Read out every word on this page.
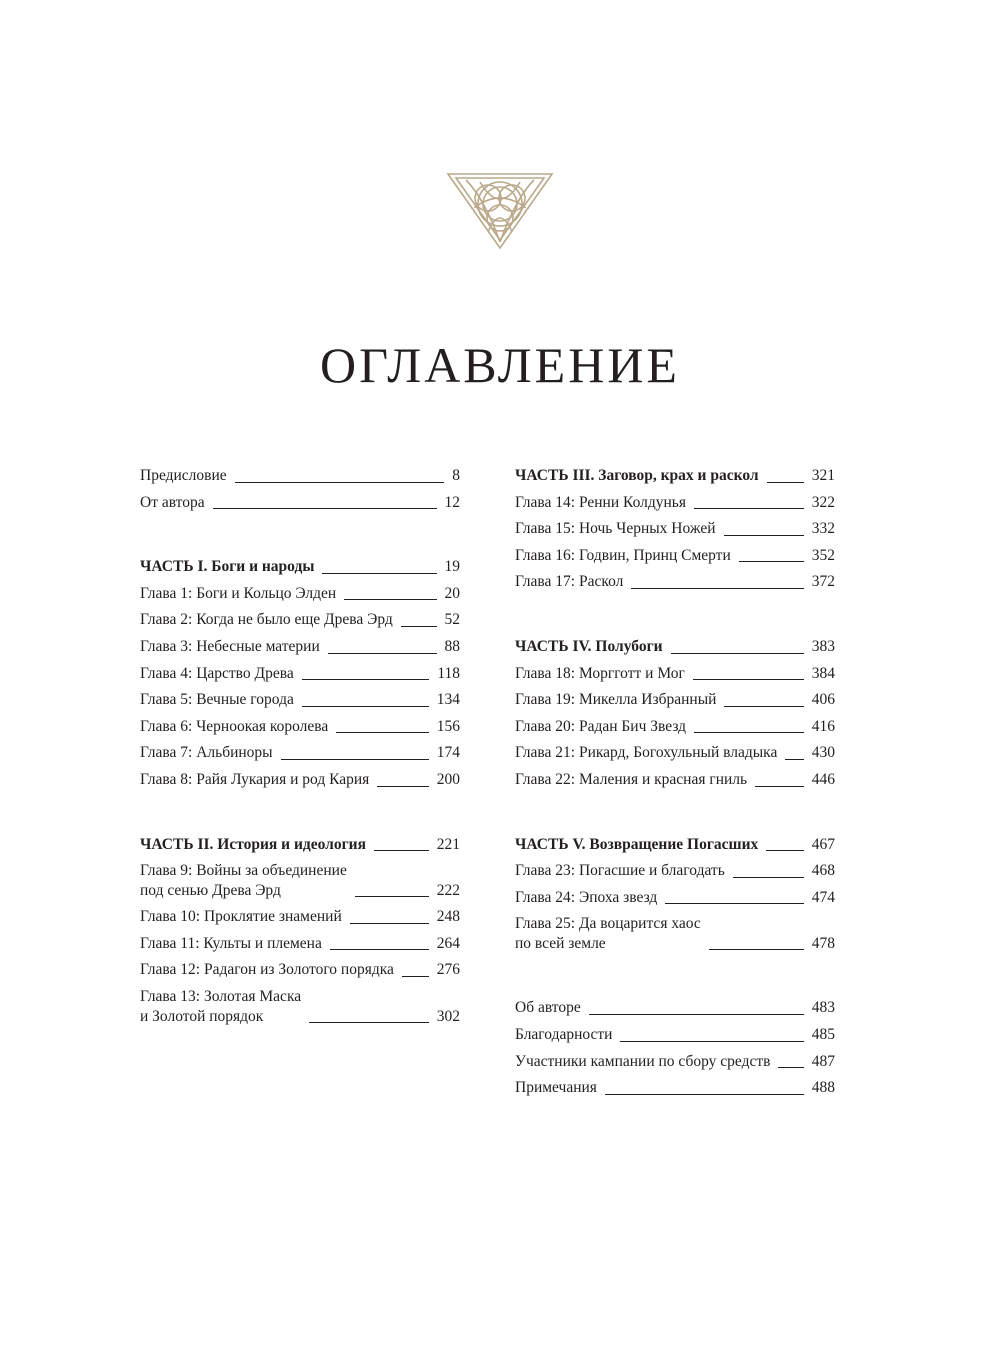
ОГЛАВЛЕНИЕ
Предисловие	8
От автора	12
ЧАСТЬ I. Боги и народы	19
Глава 1: Боги и Кольцо Элден	20
Глава 2: Когда не было еще Древа Эрд	52
Глава 3: Небесные материи	88
Глава 4: Царство Древа	118
Глава 5: Вечные города	134
Глава 6: Черноокая королева	156
Глава 7: Альбиноры	174
Глава 8: Райя Лукария и род Кария	200
ЧАСТЬ II. История и идеология	221
Глава 9: Войны за объединение
под сенью Древа Эрд	222
Глава 10: Проклятие знамений	248
Глава 11: Культы и племена	264
Глава 12: Радагон из Золотого порядка	276
Глава 13: Золотая Маска
и Золотой порядок	302
ЧАСТЬ III. Заговор, крах и раскол	321
Глава 14: Ренни Колдунья	322
Глава 15: Ночь Черных Ножей	332
Глава 16: Годвин, Принц Смерти	352
Глава 17: Раскол	372
ЧАСТЬ IV. Полубоги	383
Глава 18: Моргготт и Мог	384
Глава 19: Микелла Избранный	406
Глава 20: Радан Бич Звезд	416
Глава 21: Рикард, Богохульный владыка 430
Глава 22: Маления и красная гниль	446
ЧАСТЬ V. Возвращение Погасших	467
Глава 23: Погасшие и благодать	468
Глава 24: Эпоха звезд	474
Глава 25: Да воцарится хаос
по всей земле	478
Об авторе	483
Благодарности	485
Участники кампании по сбору средств	487
Примечания	488
